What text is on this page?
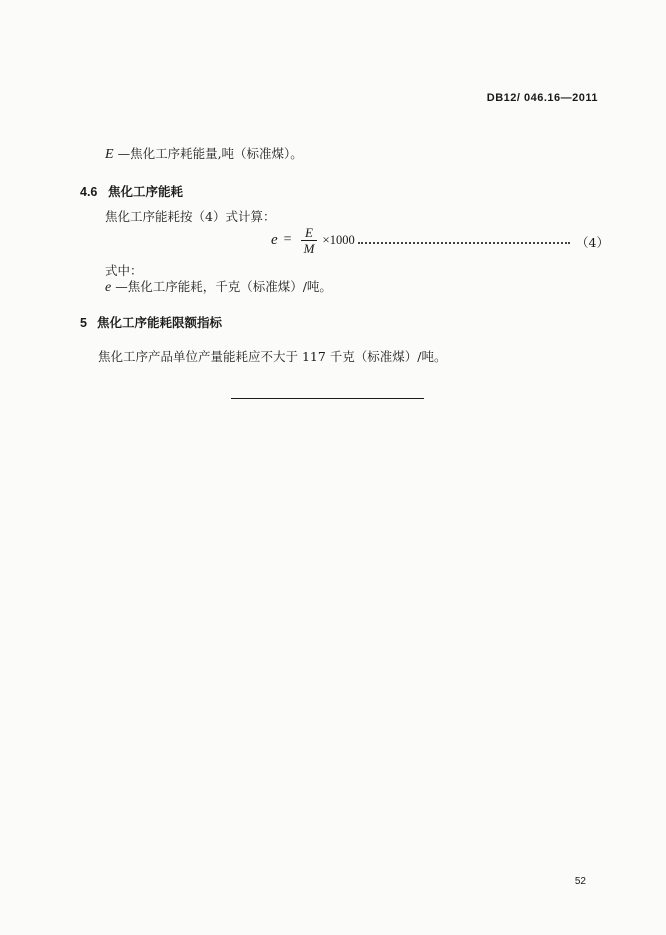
DB12/ 046.16—2011
E —焦化工序耗能量,吨（标准煤）。
4.6 焦化工序能耗
焦化工序能耗按（4）式计算：
$e = \frac{E}{M} \times 1000$	（4）
式中：
e —焦化工序能耗，千克（标准煤）/吨。
5 焦化工序能耗限额指标
焦化工序产品单位产量能耗应不大于 117 千克（标准煤）/吨。
52
